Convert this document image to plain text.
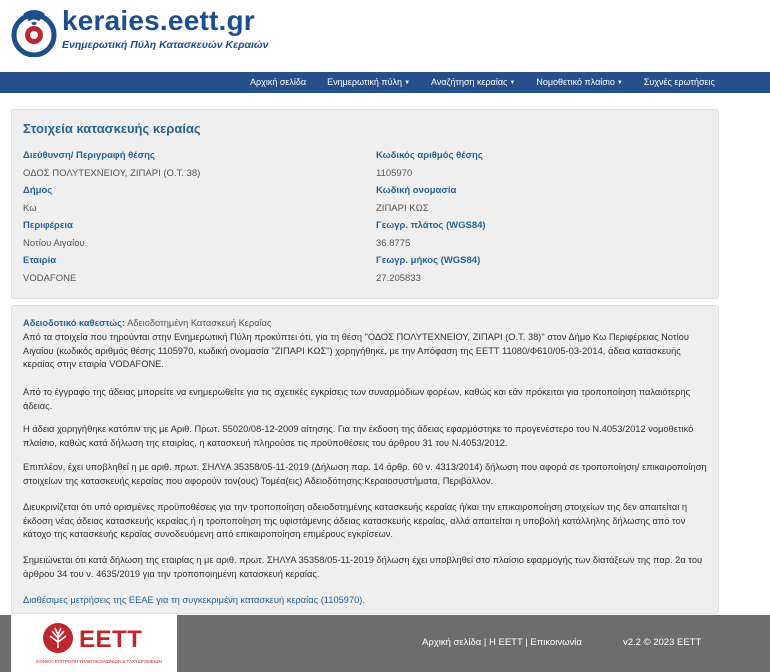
keraies.eett.gr
Ενημερωτική Πύλη Κατασκευών Κεραιών
Αρχική σελίδα Ενημερωτική πύλη ▼ Αναζήτηση κεραίας ▼ Νομοθετικό πλαίσιο ▼ Συχνές ερωτήσεις
Στοιχεία κατασκευής κεραίας
Διεύθυνση/ Περιγραφή θέσης
ΟΔΟΣ ΠΟΛΥΤΕΧΝΕΙΟΥ, ΖΙΠΑΡΙ (Ο.Τ. 38)
Κωδικός αριθμός θέσης
1105970
Δήμος
Κω
Κωδική ονομασία
ΖΙΠΑΡΙ ΚΩΣ
Περιφέρεια
Νοτίου Αιγαίου
Γεωγρ. πλάτος (WGS84)
36.8775
Εταιρία
VODAFONE
Γεωγρ. μήκος (WGS84)
27.205833
Αδειοδοτικό καθεστώς: Αδειοδοτημένη Κατασκευή Κεραίας
Από τα στοιχεία που τηρούνται στην Ενημερωτική Πύλη προκύπτει ότι, για τη θέση "ΟΔΟΣ ΠΟΛΥΤΕΧΝΕΙΟΥ, ΖΙΠΑΡΙ (Ο.Τ. 38)" στον Δήμο Κω Περιφέρειας Νοτίου Αιγαίου (κωδικός αριθμός θέσης 1105970, κωδική ονομασία "ΖΙΠΑΡΙ ΚΩΣ") χορηγήθηκε, με την Απόφαση της ΕΕΤΤ 11080/Φ610/05-03-2014, άδεια κατασκευής κεραίας στην εταιρία VODAFONE.
Από το έγγραφο της άδειας μπορείτε να ενημερωθείτε για τις σχετικές εγκρίσεις των συναρμόδιων φορέων, καθώς και εάν πρόκειται για τροποποίηση παλαιότερης άδειας.
Η άδεια χορηγήθηκε κατόπιν της με Αριθ. Πρωτ. 55020/08-12-2009 αίτησης. Για την έκδοση της άδειας εφαρμόστηκε το προγενέστερο του Ν.4053/2012 νομοθετικό πλαίσιο, καθώς κατά δήλωση της εταιρίας, η κατασκευή πληρούσε τις προϋποθέσεις του άρθρου 31 του Ν.4053/2012.
Επιπλέον, έχει υποβληθεί η με αριθ. πρωτ. ΣΗΛΥΑ 35358/05-11-2019 (Δήλωση παρ. 14 άρθρ. 60 ν. 4313/2014) δήλωση που αφορά σε τροποποίηση/ επικαιροποίηση στοιχείων της κατασκευής κεραίας που αφορούν τον(ους) Τομέα(εις) Αδειοδότησης:Κεραιοσυστήματα, Περιβάλλον.
Διευκρινίζεται ότι υπό ορισμένες προϋποθέσεις για την τροποποίηση αδειοδοτημένης κατασκευής κεραίας ή/και την επικαιροποίηση στοιχείων της δεν απαιτείται η έκδοση νέας άδειας κατασκευής κεραίας ή η τροποποίηση της υφιστάμενης άδειας κατασκευής κεραίας, αλλά απαιτείται η υποβολή κατάλληλης δήλωσης από τον κάτοχο της κατασκευής κεραίας συνοδευόμενη από επικαιροποίηση επιμέρους εγκρίσεων.
Σημειώνεται ότι κατά δήλωση της εταιρίας η με αριθ. πρωτ. ΣΗΛΥΑ 35358/05-11-2019 δήλωση έχει υποβληθεί στο πλαίσιο εφαρμογής των διατάξεων της παρ. 2α του άρθρου 34 του ν. 4635/2019 για την τροποποιημένη κατασκευή κεραίας.
Διαθέσιμες μετρήσεις της ΕΕΑΕ για τη συγκεκριμένη κατασκευή κεραίας (1105970).
ΕΕΤΤ
ΕΘΝΙΚΗ ΕΠΙΤΡΟΠΗ ΤΗΛΕΠΙΚΟΙΝΩΝΙΩΝ & ΤΑΧΥΔΡΟΜΕΙΩΝ
Αρχική σελίδα | Η ΕΕΤΤ | Επικοινωνία	v2.2 © 2023 EETT
